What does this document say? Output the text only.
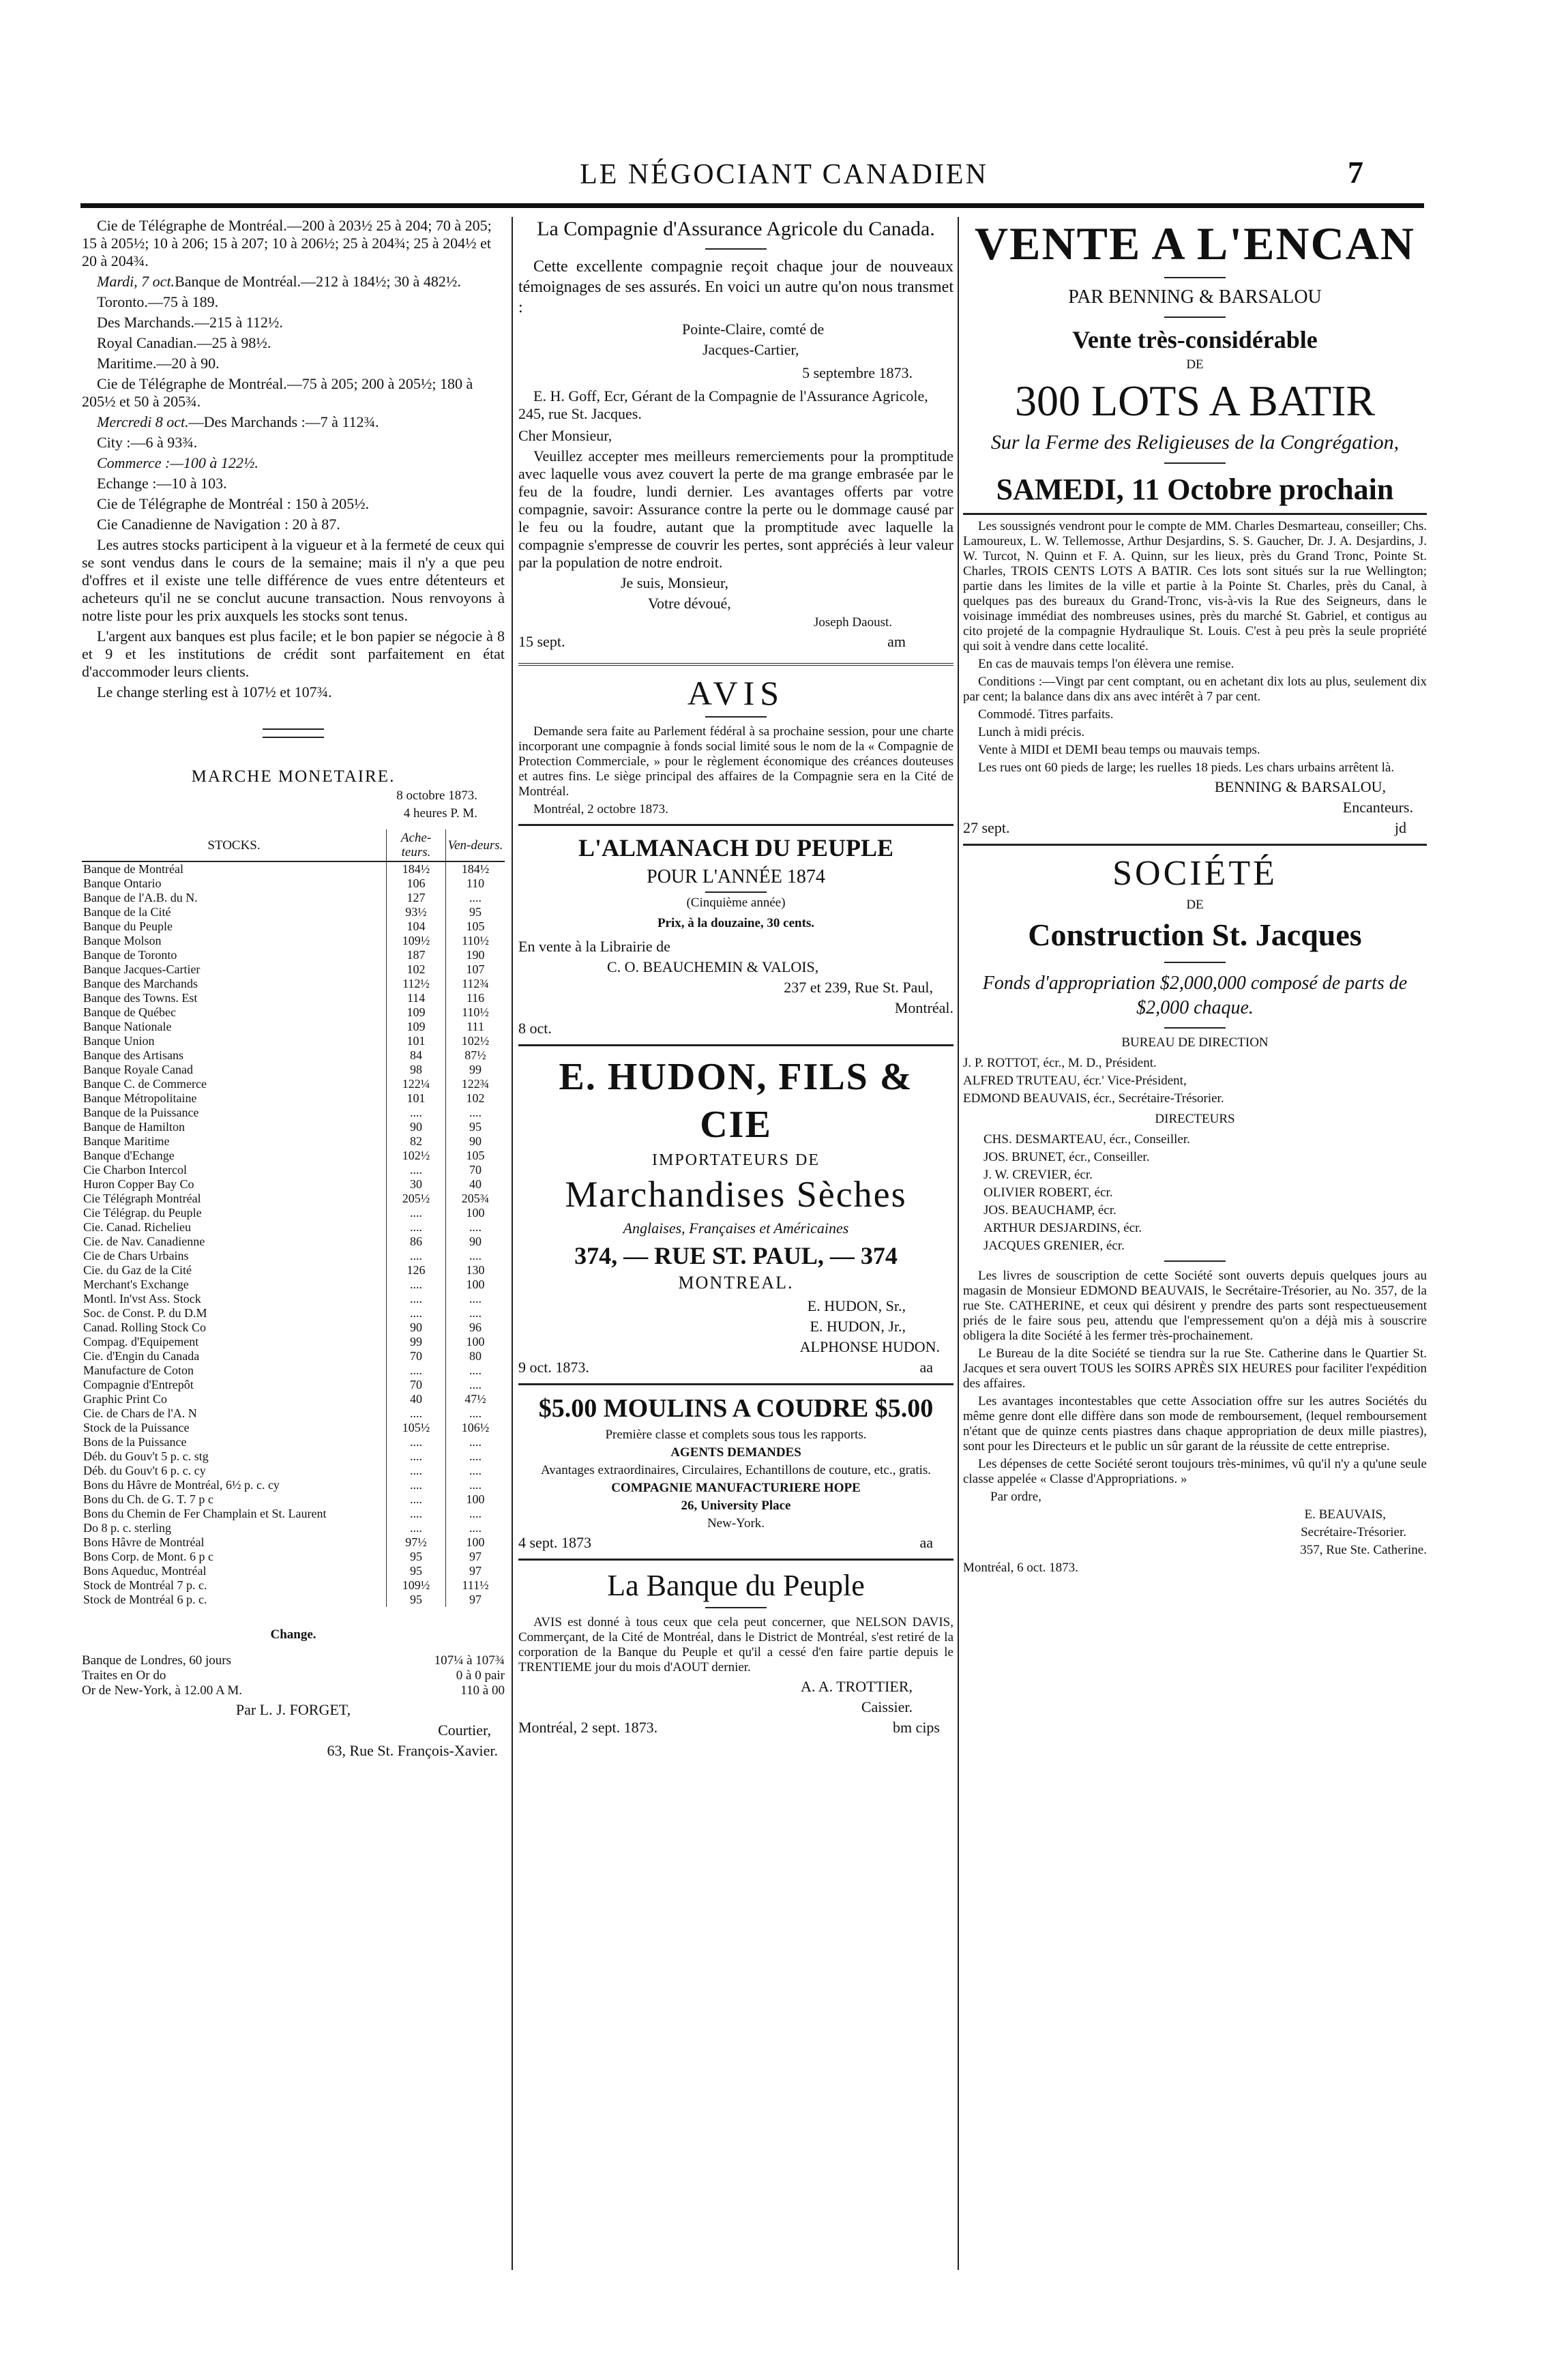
LE NÉGOCIANT CANADIEN	7

Cie de Télégraphe de Montréal.—200 à 203½ 25 à 204; 70 à 205; 15 à 205½; 10 à 206; 15 à 207; 10 à 206½; 25 à 204¾; 25 à 204½ et 20 à 204¾.

Mardi, 7 oct.Banque de Montréal.—212 à 184½; 30 à 482½.

Toronto.—75 à 189.

Des Marchands.—215 à 112½.

Royal Canadian.—25 à 98½.

Maritime.—20 à 90.

Cie de Télégraphe de Montréal.—75 à 205; 200 à 205½; 180 à 205½ et 50 à 205¾.

Mercredi 8 oct.—Des Marchands :—7 à 112¾.

City :—6 à 93¾.

Commerce :—100 à 122½.

Echange :—10 à 103.

Cie de Télégraphe de Montréal : 150 à 205½.

Cie Canadienne de Navigation : 20 à 87.

Les autres stocks participent à la vigueur et à la fermeté de ceux qui se sont vendus dans le cours de la semaine; mais il n'y a que peu d'offres et il existe une telle différence de vues entre détenteurs et acheteurs qu'il ne se conclut aucune transaction. Nous renvoyons à notre liste pour les prix auxquels les stocks sont tenus.

L'argent aux banques est plus facile; et le bon papier se négocie à 8 et 9 et les institutions de crédit sont parfaitement en état d'accommoder leurs clients.

Le change sterling est à 107½ et 107¾.

MARCHE MONETAIRE.

8 octobre 1873.

4 heures P. M.

STOCKS.	Ache-teurs.	Ven-deurs.
Banque de Montréal	184½	184½
Banque Ontario	106	110
Banque de l'A.B. du N.	127	....
Banque de la Cité	93½	95
Banque du Peuple	104	105
Banque Molson	109½	110½
Banque de Toronto	187	190
Banque Jacques-Cartier	102	107
Banque des Marchands	112½	112¾
Banque des Towns. Est	114	116
Banque de Québec	109	110½
Banque Nationale	109	111
Banque Union	101	102½
Banque des Artisans	84	87½
Banque Royale Canad	98	99
Banque C. de Commerce	122¼	122¾
Banque Métropolitaine	101	102
Banque de la Puissance	....	....
Banque de Hamilton	90	95
Banque Maritime	82	90
Banque d'Echange	102½	105
Cie Charbon Intercol	....	70
Huron Copper Bay Co	30	40
Cie Télégraph Montréal	205½	205¾
Cie Télégrap. du Peuple	....	100
Cie. Canad. Richelieu	....	....
Cie. de Nav. Canadienne	86	90
Cie de Chars Urbains	....	....
Cie. du Gaz de la Cité	126	130
Merchant's Exchange	....	100
Montl. In'vst Ass. Stock	....	....
Soc. de Const. P. du D.M	....	....
Canad. Rolling Stock Co	90	96
Compag. d'Equipement	99	100
Cie. d'Engin du Canada	70	80
Manufacture de Coton	....	....
Compagnie d'Entrepôt	70	....
Graphic Print Co	40	47½
Cie. de Chars de l'A. N	....	....
Stock de la Puissance	105½	106½
Bons de la Puissance	....	....
Déb. du Gouv't 5 p. c. stg	....	....
Déb. du Gouv't 6 p. c. cy	....	....
Bons du Hâvre de Montréal, 6½ p. c. cy	....	....
Bons du Ch. de G. T. 7 p c	....	100
Bons du Chemin de Fer Champlain et St. Laurent	....	....
Do 8 p. c. sterling	....	....
Bons Hâvre de Montréal	97½	100
Bons Corp. de Mont. 6 p c	95	97
Bons Aqueduc, Montréal	95	97
Stock de Montréal 7 p. c.	109½	111½
Stock de Montréal 6 p. c.	95	97

Change.

Banque de Londres, 60 jours	107¼ à 107¾
Traites en Or do	0 à 0 pair
Or de New-York, à 12.00 A M.	110 à 00

Par L. J. FORGET,

Courtier,

63, Rue St. François-Xavier.

La Compagnie d'Assurance Agricole du Canada.

Cette excellente compagnie reçoit chaque jour de nouveaux témoignages de ses assurés. En voici un autre qu'on nous transmet :

Pointe-Claire, comté de

Jacques-Cartier,

5 septembre 1873.

E. H. Goff, Ecr, Gérant de la Compagnie de l'Assurance Agricole, 245, rue St. Jacques.

Cher Monsieur,

Veuillez accepter mes meilleurs remerciements pour la promptitude avec laquelle vous avez couvert la perte de ma grange embrasée par le feu de la foudre, lundi dernier. Les avantages offerts par votre compagnie, savoir: Assurance contre la perte ou le dommage causé par le feu ou la foudre, autant que la promptitude avec laquelle la compagnie s'empresse de couvrir les pertes, sont appréciés à leur valeur par la population de notre endroit.

Je suis, Monsieur,

Votre dévoué,

Joseph Daoust.

15 sept.	am

AVIS

Demande sera faite au Parlement fédéral à sa prochaine session, pour une charte incorporant une compagnie à fonds social limité sous le nom de la « Compagnie de Protection Commerciale, » pour le règlement économique des créances douteuses et autres fins. Le siège principal des affaires de la Compagnie sera en la Cité de Montréal.

Montréal, 2 octobre 1873.

L'ALMANACH DU PEUPLE

POUR L'ANNÉE 1874

(Cinquième année)

Prix, à la douzaine, 30 cents.

En vente à la Librairie de

C. O. BEAUCHEMIN & VALOIS,

237 et 239, Rue St. Paul,

Montréal.

8 oct.

E. HUDON, FILS & CIE

IMPORTATEURS DE

Marchandises Sèches

Anglaises, Françaises et Américaines

374, — RUE ST. PAUL, — 374

MONTREAL.

E. HUDON, Sr.,

E. HUDON, Jr.,

ALPHONSE HUDON.

9 oct. 1873.	aa

$5.00 MOULINS A COUDRE $5.00

Première classe et complets sous tous les rapports.

AGENTS DEMANDES

Avantages extraordinaires, Circulaires, Echantillons de couture, etc., gratis.

COMPAGNIE MANUFACTURIERE HOPE

26, University Place

New-York.

4 sept. 1873	aa

La Banque du Peuple

AVIS est donné à tous ceux que cela peut concerner, que NELSON DAVIS, Commerçant, de la Cité de Montréal, dans le District de Montréal, s'est retiré de la corporation de la Banque du Peuple et qu'il a cessé d'en faire partie depuis le TRENTIEME jour du mois d'AOUT dernier.

A. A. TROTTIER,

Caissier.

Montréal, 2 sept. 1873.	bm cips

VENTE A L'ENCAN

PAR BENNING & BARSALOU

Vente très-considérable

DE

300 LOTS A BATIR

Sur la Ferme des Religieuses de la Congrégation,

SAMEDI, 11 Octobre prochain

Les soussignés vendront pour le compte de MM. Charles Desmarteau, conseiller; Chs. Lamoureux, L. W. Tellemosse, Arthur Desjardins, S. S. Gaucher, Dr. J. A. Desjardins, J. W. Turcot, N. Quinn et F. A. Quinn, sur les lieux, près du Grand Tronc, Pointe St. Charles, TROIS CENTS LOTS A BATIR. Ces lots sont situés sur la rue Wellington; partie dans les limites de la ville et partie à la Pointe St. Charles, près du Canal, à quelques pas des bureaux du Grand-Tronc, vis-à-vis la Rue des Seigneurs, dans le voisinage immédiat des nombreuses usines, près du marché St. Gabriel, et contigus au cito projeté de la compagnie Hydraulique St. Louis. C'est à peu près la seule propriété qui soit à vendre dans cette localité.

En cas de mauvais temps l'on élèvera une remise.

Conditions :—Vingt par cent comptant, ou en achetant dix lots au plus, seulement dix par cent; la balance dans dix ans avec intérêt à 7 par cent.

Commodé. Titres parfaits.

Lunch à midi précis.

Vente à MIDI et DEMI beau temps ou mauvais temps.

Les rues ont 60 pieds de large; les ruelles 18 pieds. Les chars urbains arrêtent là.

BENNING & BARSALOU,

Encanteurs.

27 sept.	jd

SOCIÉTÉ

DE

Construction St. Jacques

Fonds d'appropriation $2,000,000 composé de parts de $2,000 chaque.

BUREAU DE DIRECTION

J. P. ROTTOT, écr., M. D., Président.

ALFRED TRUTEAU, écr.' Vice-Président,

EDMOND BEAUVAIS, écr., Secrétaire-Trésorier.

DIRECTEURS

CHS. DESMARTEAU, écr., Conseiller.

JOS. BRUNET, écr., Conseiller.

J. W. CREVIER, écr.

OLIVIER ROBERT, écr.

JOS. BEAUCHAMP, écr.

ARTHUR DESJARDINS, écr.

JACQUES GRENIER, écr.

Les livres de souscription de cette Société sont ouverts depuis quelques jours au magasin de Monsieur EDMOND BEAUVAIS, le Secrétaire-Trésorier, au No. 357, de la rue Ste. CATHERINE, et ceux qui désirent y prendre des parts sont respectueusement priés de le faire sous peu, attendu que l'empressement qu'on a déjà mis à souscrire obligera la dite Société à les fermer très-prochainement.

Le Bureau de la dite Société se tiendra sur la rue Ste. Catherine dans le Quartier St. Jacques et sera ouvert TOUS les SOIRS APRÈS SIX HEURES pour faciliter l'expédition des affaires.

Les avantages incontestables que cette Association offre sur les autres Sociétés du même genre dont elle diffère dans son mode de remboursement, (lequel remboursement n'étant que de quinze cents piastres dans chaque appropriation de deux mille piastres), sont pour les Directeurs et le public un sûr garant de la réussite de cette entreprise.

Les dépenses de cette Société seront toujours très-minimes, vû qu'il n'y a qu'une seule classe appelée « Classe d'Appropriations. »

Par ordre,

E. BEAUVAIS,

Secrétaire-Trésorier.

357, Rue Ste. Catherine.

Montréal, 6 oct. 1873.
